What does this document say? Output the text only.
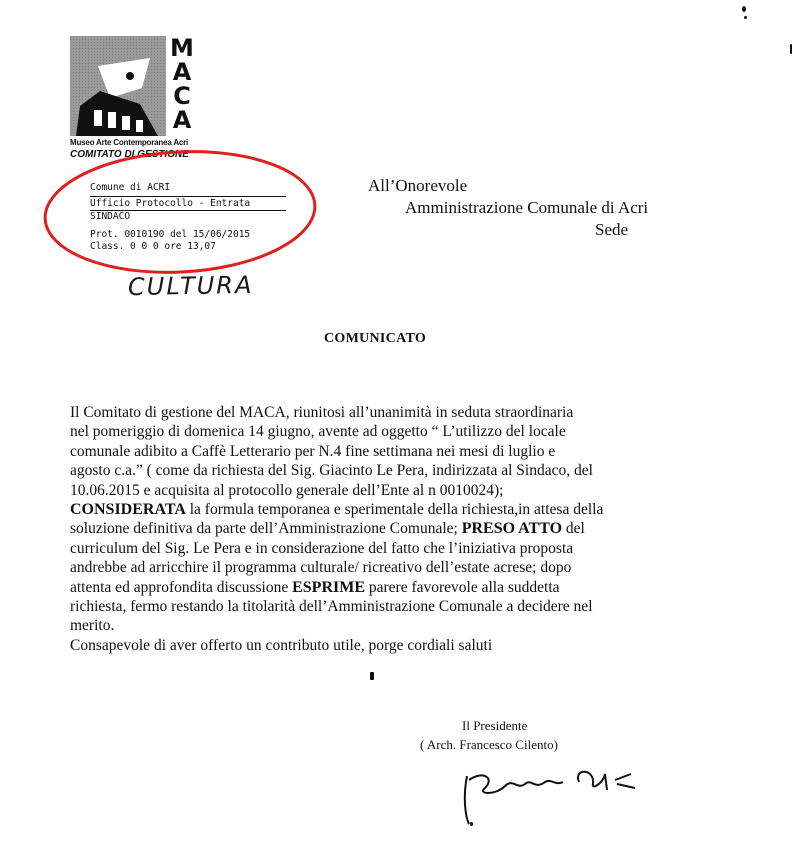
M
A
C
A
Museo Arte Contemporanea Acri
COMITATO DI GESTIONE
Comune di ACRI
Ufficio Protocollo - Entrata
SINDACO
Prot. 0010190 del 15/06/2015
Class. 0 0 0 ore 13,07
CULTURA
All’Onorevole
Amministrazione Comunale di Acri
Sede
COMUNICATO

Il Comitato di gestione del MACA, riunitosi all’unanimità in seduta straordinaria

nel pomeriggio di domenica 14 giugno, avente ad oggetto “ L’utilizzo del locale

comunale adibito a Caffè Letterario per N.4 fine settimana nei mesi di luglio e

agosto c.a.” ( come da richiesta del Sig. Giacinto Le Pera, indirizzata al Sindaco, del

10.06.2015 e acquisita al protocollo generale dell’Ente al n 0010024);

CONSIDERATA la formula temporanea e sperimentale della richiesta,in attesa della

soluzione definitiva da parte dell’Amministrazione Comunale; PRESO ATTO del

curriculum del Sig. Le Pera e in considerazione del fatto che l’iniziativa proposta

andrebbe ad arricchire il programma culturale/ ricreativo dell’estate acrese; dopo

attenta ed approfondita discussione ESPRIME parere favorevole alla suddetta

richiesta, fermo restando la titolarità dell’Amministrazione Comunale a decidere nel

merito.

Consapevole di aver offerto un contributo utile, porge cordiali saluti

Il Presidente
( Arch. Francesco Cilento)
